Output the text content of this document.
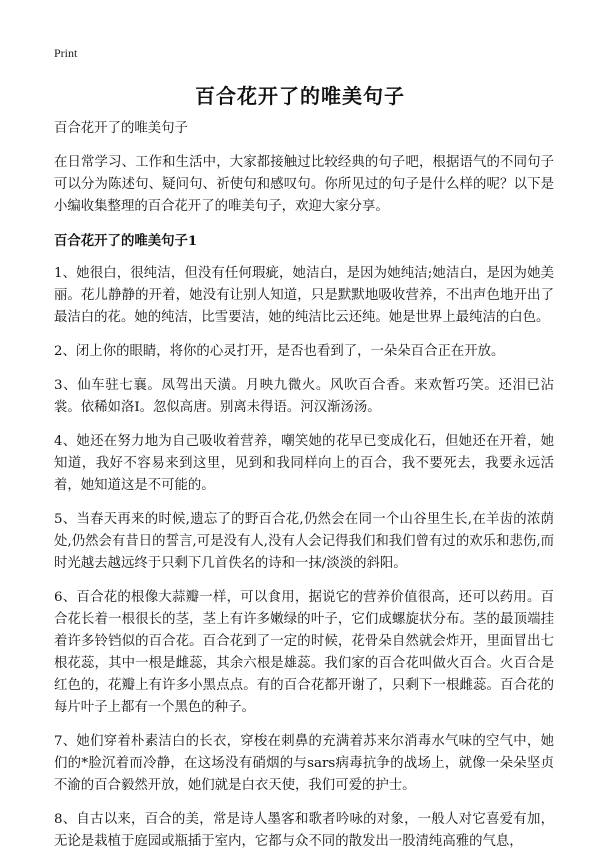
Print
百合花开了的唯美句子

百合花开了的唯美句子

在日常学习、工作和生活中，大家都接触过比较经典的句子吧，根据语气的不同句子可以分为陈述句、疑问句、祈使句和感叹句。你所见过的句子是什么样的呢？以下是小编收集整理的百合花开了的唯美句子，欢迎大家分享。

百合花开了的唯美句子1

1、她很白，很纯洁，但没有任何瑕疵，她洁白，是因为她纯洁;她洁白，是因为她美丽。花儿静静的开着，她没有让别人知道，只是默默地吸收营养，不出声色地开出了最洁白的花。她的纯洁，比雪要洁，她的纯洁比云还纯。她是世界上最纯洁的白色。

2、闭上你的眼睛，将你的心灵打开，是否也看到了，一朵朵百合正在开放。

3、仙车驻七襄。凤驾出天潢。月映九微火。风吹百合香。来欢暂巧笑。还泪已沾裳。依稀如洛I。忽似高唐。别离未得语。河汉渐汤汤。

4、她还在努力地为自己吸收着营养，嘲笑她的花早已变成化石，但她还在开着，她知道，我好不容易来到这里，见到和我同样向上的百合，我不要死去，我要永远活着，她知道这是不可能的。

5、当春天再来的时候,遗忘了的野百合花,仍然会在同一个山谷里生长,在羊齿的浓荫处,仍然会有昔日的誓言,可是没有人,没有人会记得我们和我们曾有过的欢乐和悲伤,而时光越去越远终于只剩下几首佚名的诗和一抹/淡淡的斜阳。

6、百合花的根像大蒜瓣一样，可以食用，据说它的营养价值很高，还可以药用。百合花长着一根很长的茎，茎上有许多嫩绿的叶子，它们成螺旋状分布。茎的最顶端挂着许多铃铛似的百合花。百合花到了一定的时候，花骨朵自然就会炸开，里面冒出七根花蕊，其中一根是雌蕊，其余六根是雄蕊。我们家的百合花叫做火百合。火百合是红色的，花瓣上有许多小黑点点。有的百合花都开谢了，只剩下一根雌蕊。百合花的每片叶子上都有一个黑色的种子。

7、她们穿着朴素洁白的长衣，穿梭在刺鼻的充满着苏来尔消毒水气味的空气中，她们的*脸沉着而冷静，在这场没有硝烟的与sars病毒抗争的战场上，就像一朵朵坚贞不渝的百合毅然开放，她们就是白衣天使，我们可爱的护士。

8、自古以来，百合的美，常是诗人墨客和歌者吟咏的对象，一般人对它喜爱有加，无论是栽植于庭园或瓶插于室内，它都与众不同的散发出一股清纯高雅的气息，
